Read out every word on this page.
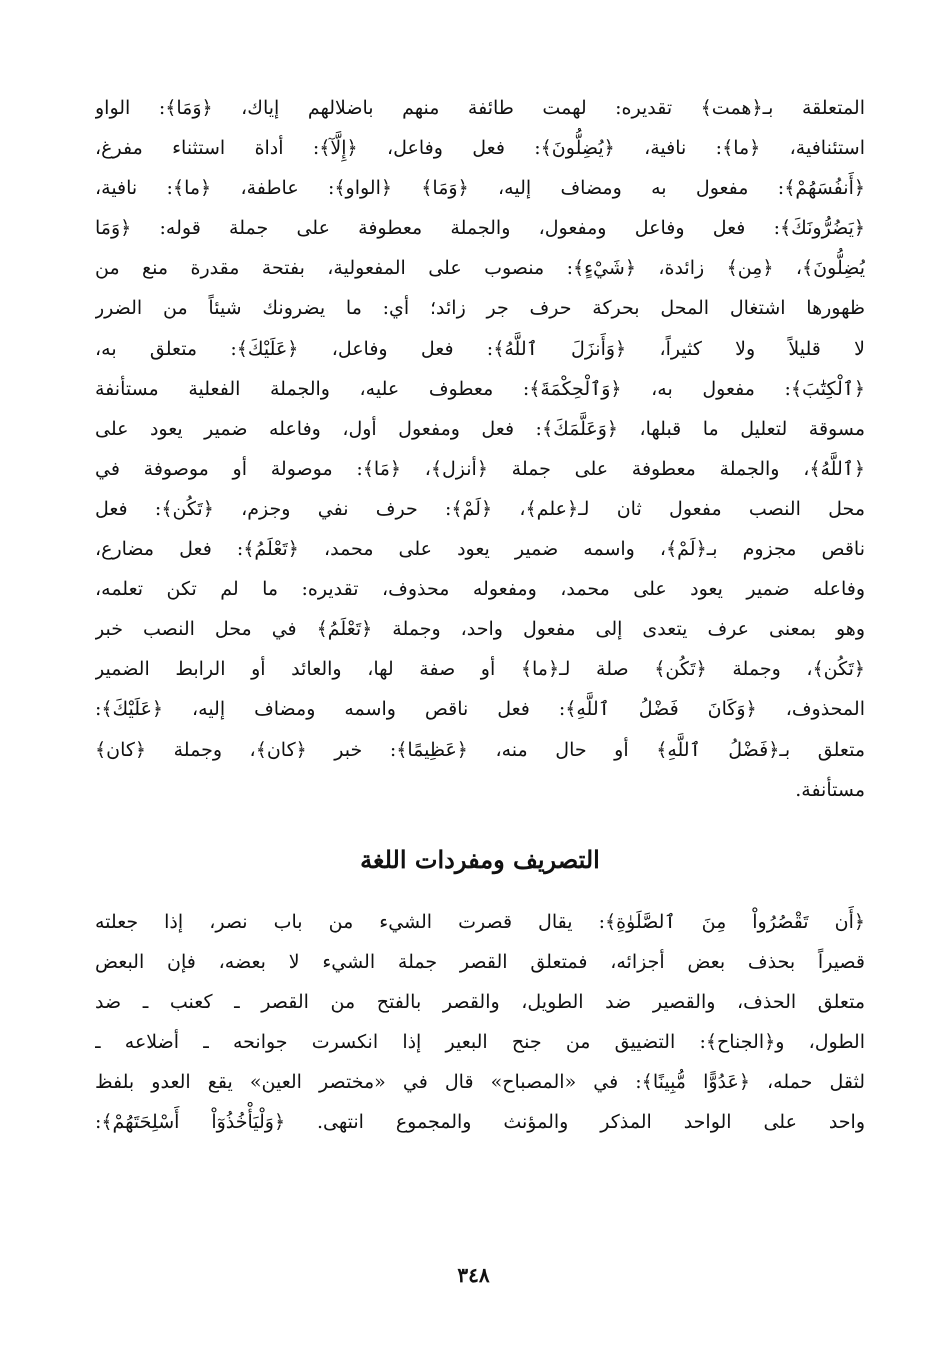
المتعلقة بـ﴿همت﴾ تقديره: لهمت طائفة منهم باضلالهم إياك، ﴿وَمَا﴾: الواو
استئنافية، ﴿ما﴾: نافية، ﴿يُضِلُّونَ﴾: فعل وفاعل، ﴿إِلَّآ﴾: أداة استثناء مفرغ،
﴿أَنفُسَهُمْ﴾: مفعول به ومضاف إليه، ﴿وَمَا﴾ ﴿الواو﴾: عاطفة، ﴿ما﴾: نافية،
﴿يَضُرُّونَكَ﴾: فعل وفاعل ومفعول، والجملة معطوفة على جملة قوله: ﴿وَمَا
يُضِلُّونَ﴾، ﴿مِن﴾ زائدة، ﴿شَيْءٍ﴾: منصوب على المفعولية، بفتحة مقدرة منع من
ظهورها اشتغال المحل بحركة حرف جر زائد؛ أي: ما يضرونك شيئاً من الضرر
لا قليلاً ولا كثيراً، ﴿وَأَنزَلَ ٱللَّهُ﴾: فعل وفاعل، ﴿عَلَيْكَ﴾: متعلق به،
﴿ٱلْكِتَٰبَ﴾: مفعول به، ﴿وَٱلْحِكْمَةَ﴾: معطوف عليه، والجملة الفعلية مستأنفة
مسوقة لتعليل ما قبلها، ﴿وَعَلَّمَكَ﴾: فعل ومفعول أول، وفاعله ضمير يعود على
﴿ٱللَّهُ﴾، والجملة معطوفة على جملة ﴿أنزل﴾، ﴿مَا﴾: موصولة أو موصوفة في
محل النصب مفعول ثان لـ﴿علم﴾، ﴿لَمْ﴾: حرف نفي وجزم، ﴿تَكُن﴾: فعل
ناقص مجزوم بـ﴿لَمْ﴾، واسمه ضمير يعود على محمد، ﴿تَعْلَمُ﴾: فعل مضارع،
وفاعله ضمير يعود على محمد، ومفعوله محذوف، تقديره: ما لم تكن تعلمه،
وهو بمعنى عرف يتعدى إلى مفعول واحد، وجملة ﴿تَعْلَمُ﴾ في محل النصب خبر
﴿تَكُن﴾، وجملة ﴿تَكُن﴾ صلة لـ﴿ما﴾ أو صفة لها، والعائد أو الرابط الضمير
المحذوف، ﴿وَكَانَ فَضْلُ ٱللَّهِ﴾: فعل ناقص واسمه ومضاف إليه، ﴿عَلَيْكَ﴾:
متعلق بـ﴿فَضْلُ ٱللَّهِ﴾ أو حال منه، ﴿عَظِيمًا﴾: خبر ﴿كان﴾، وجملة ﴿كان﴾
مستأنفة.
التصريف ومفردات اللغة
﴿أَن تَقْصُرُواْ مِنَ ٱلصَّلَوٰةِ﴾: يقال قصرت الشيء من باب نصر، إذا جعلته
قصيراً بحذف بعض أجزائه، فمتعلق القصر جملة الشيء لا بعضه، فإن البعض
متعلق الحذف، والقصير ضد الطويل، والقصر بالفتح من القصر ـ كعنب ـ ضد
الطول، و﴿الجناح﴾: التضييق من جنح البعير إذا انكسرت جوانحه ـ أضلاعه ـ
لثقل حمله، ﴿عَدُوًّا مُّبِينًا﴾: في «المصباح» قال في «مختصر العين» يقع العدو بلفظ
واحد على الواحد المذكر والمؤنث والمجموع انتهى. ﴿وَلْيَأْخُذُوٓاْ أَسْلِحَتَهُمْ﴾:
٣٤٨
